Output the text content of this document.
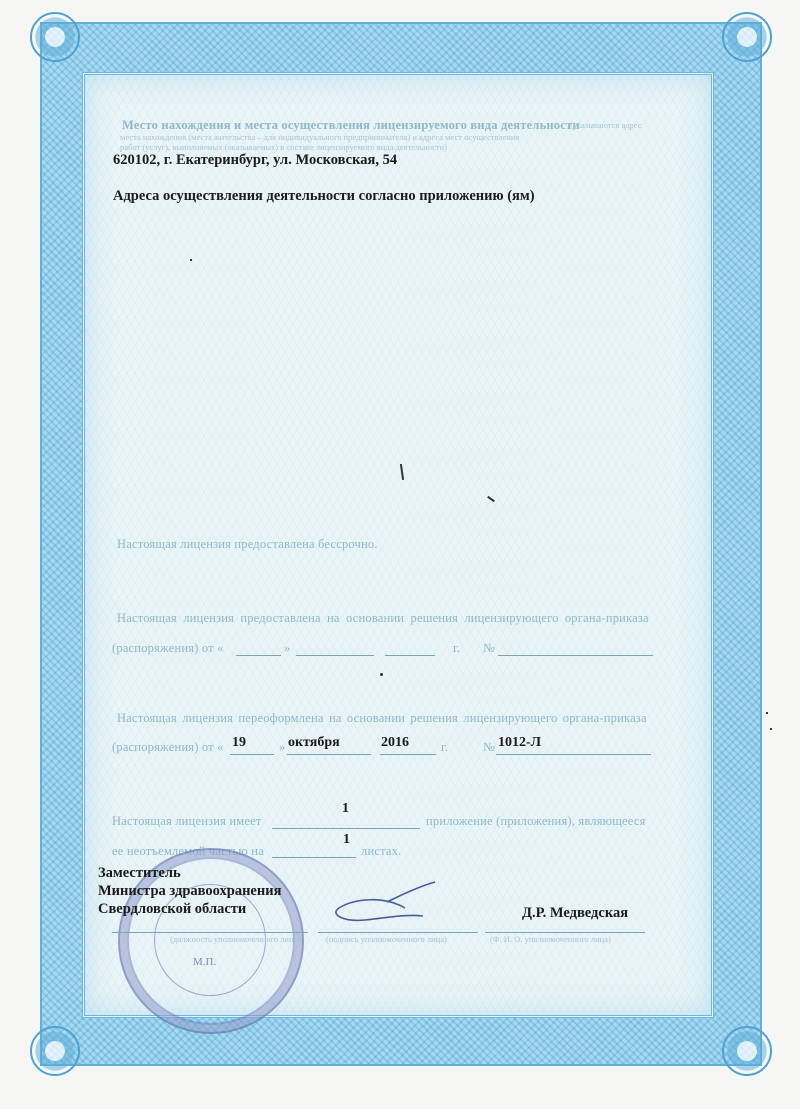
Место нахождения и места осуществления лицензируемого вида деятельности

(указываются адрес

места нахождения (места жительства – для индивидуального предпринимателя) и адреса мест осуществления

работ (услуг), выполняемых (оказываемых) в составе лицензируемого вида деятельности)

620102, г. Екатеринбург, ул. Московская, 54

Адреса осуществления деятельности согласно приложению (ям)

Настоящая лицензия предоставлена бессрочно.

Настоящая лицензия предоставлена на основании решения лицензирующего органа-приказа

(распоряжения) от «	»	г. №

Настоящая лицензия переоформлена на основании решения лицензирующего органа-приказа

(распоряжения) от « 19	» октября	2016	г.	№ 1012-Л

1

Настоящая лицензия имеет	приложение (приложения), являющееся

1

ее неотъемлемой частью на	листах.

М.П.

Заместитель

Министра здравоохранения

Свердловской области	Д.Р. Медведская

(должность уполномоченного лица)	(подпись уполномоченного лица)	(Ф. И. О. уполномоченного лица)
